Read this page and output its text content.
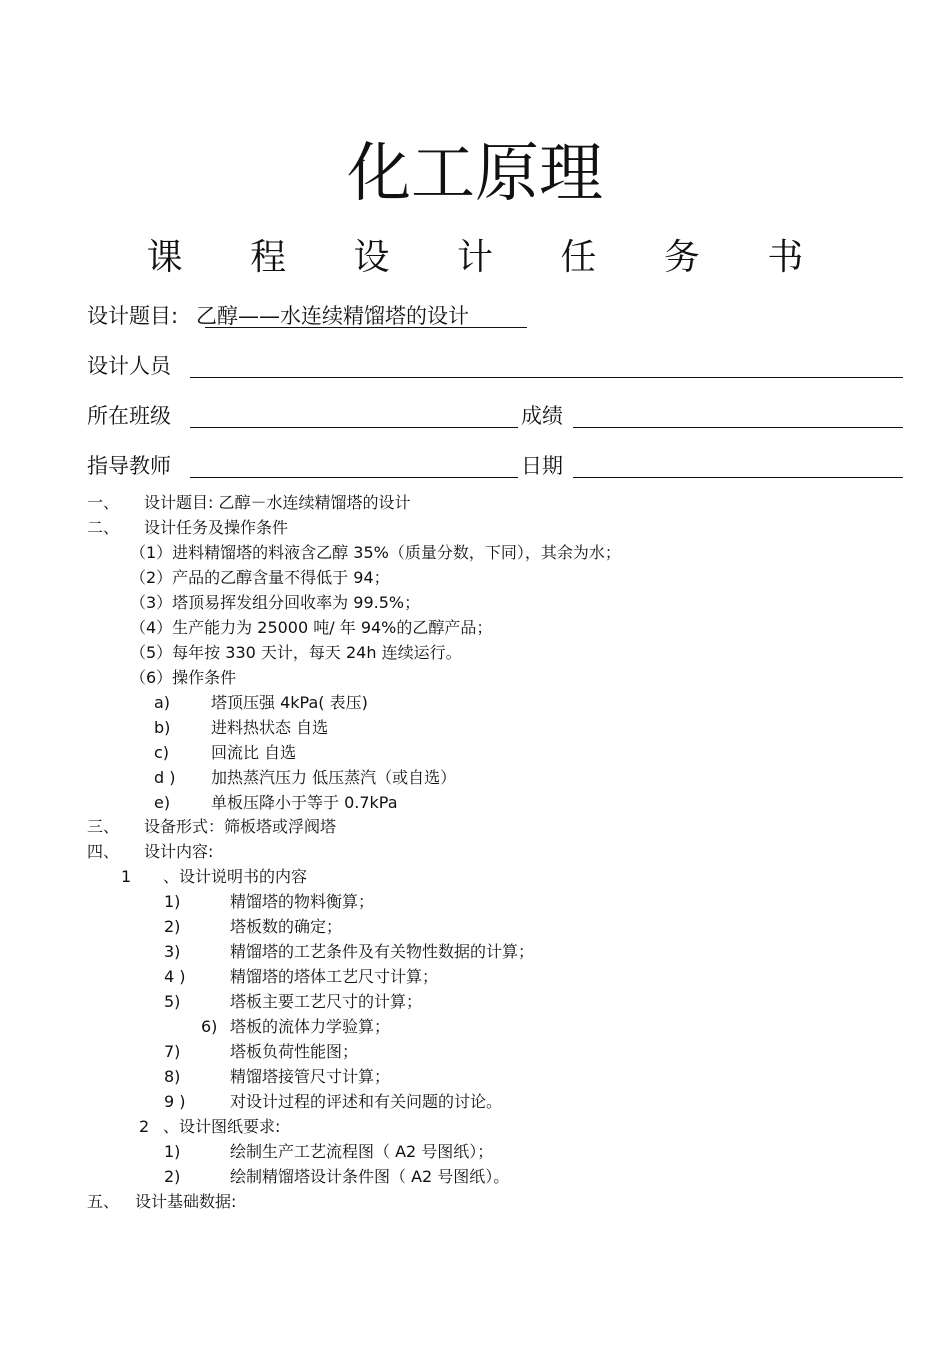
化工原理
课 程 设 计 任 务 书
设计题目: 乙醇——水连续精馏塔的设计
设计人员
所在班级	成绩
指导教师	日期
一、 设计题目: 乙醇－水连续精馏塔的设计
二、 设计任务及操作条件
（1）进料精馏塔的料液含乙醇 35%（质量分数，下同），其余为水；
（2）产品的乙醇含量不得低于 94；
（3）塔顶易挥发组分回收率为 99.5%；
（4）生产能力为 25000 吨/ 年 94%的乙醇产品；
（5）每年按 330 天计，每天 24h 连续运行。
（6）操作条件
a)	塔顶压强 4kPa( 表压)
b)	进料热状态 自选
c)	回流比 自选
d ) 加热蒸汽压力 低压蒸汽（或自选）
e)	单板压降小于等于 0.7kPa
三、 设备形式：筛板塔或浮阀塔
四、 设计内容:
1 、设计说明书的内容
1)	精馏塔的物料衡算；
2)	塔板数的确定；
3)	精馏塔的工艺条件及有关物性数据的计算；
4 )	精馏塔的塔体工艺尺寸计算；
5)	塔板主要工艺尺寸的计算；
6) 塔板的流体力学验算；
7)	塔板负荷性能图；
8)	精馏塔接管尺寸计算；
9 )	对设计过程的评述和有关问题的讨论。
2 、设计图纸要求:
1)	绘制生产工艺流程图（ A2 号图纸）；
2)	绘制精馏塔设计条件图（ A2 号图纸）。
五、 设计基础数据:
